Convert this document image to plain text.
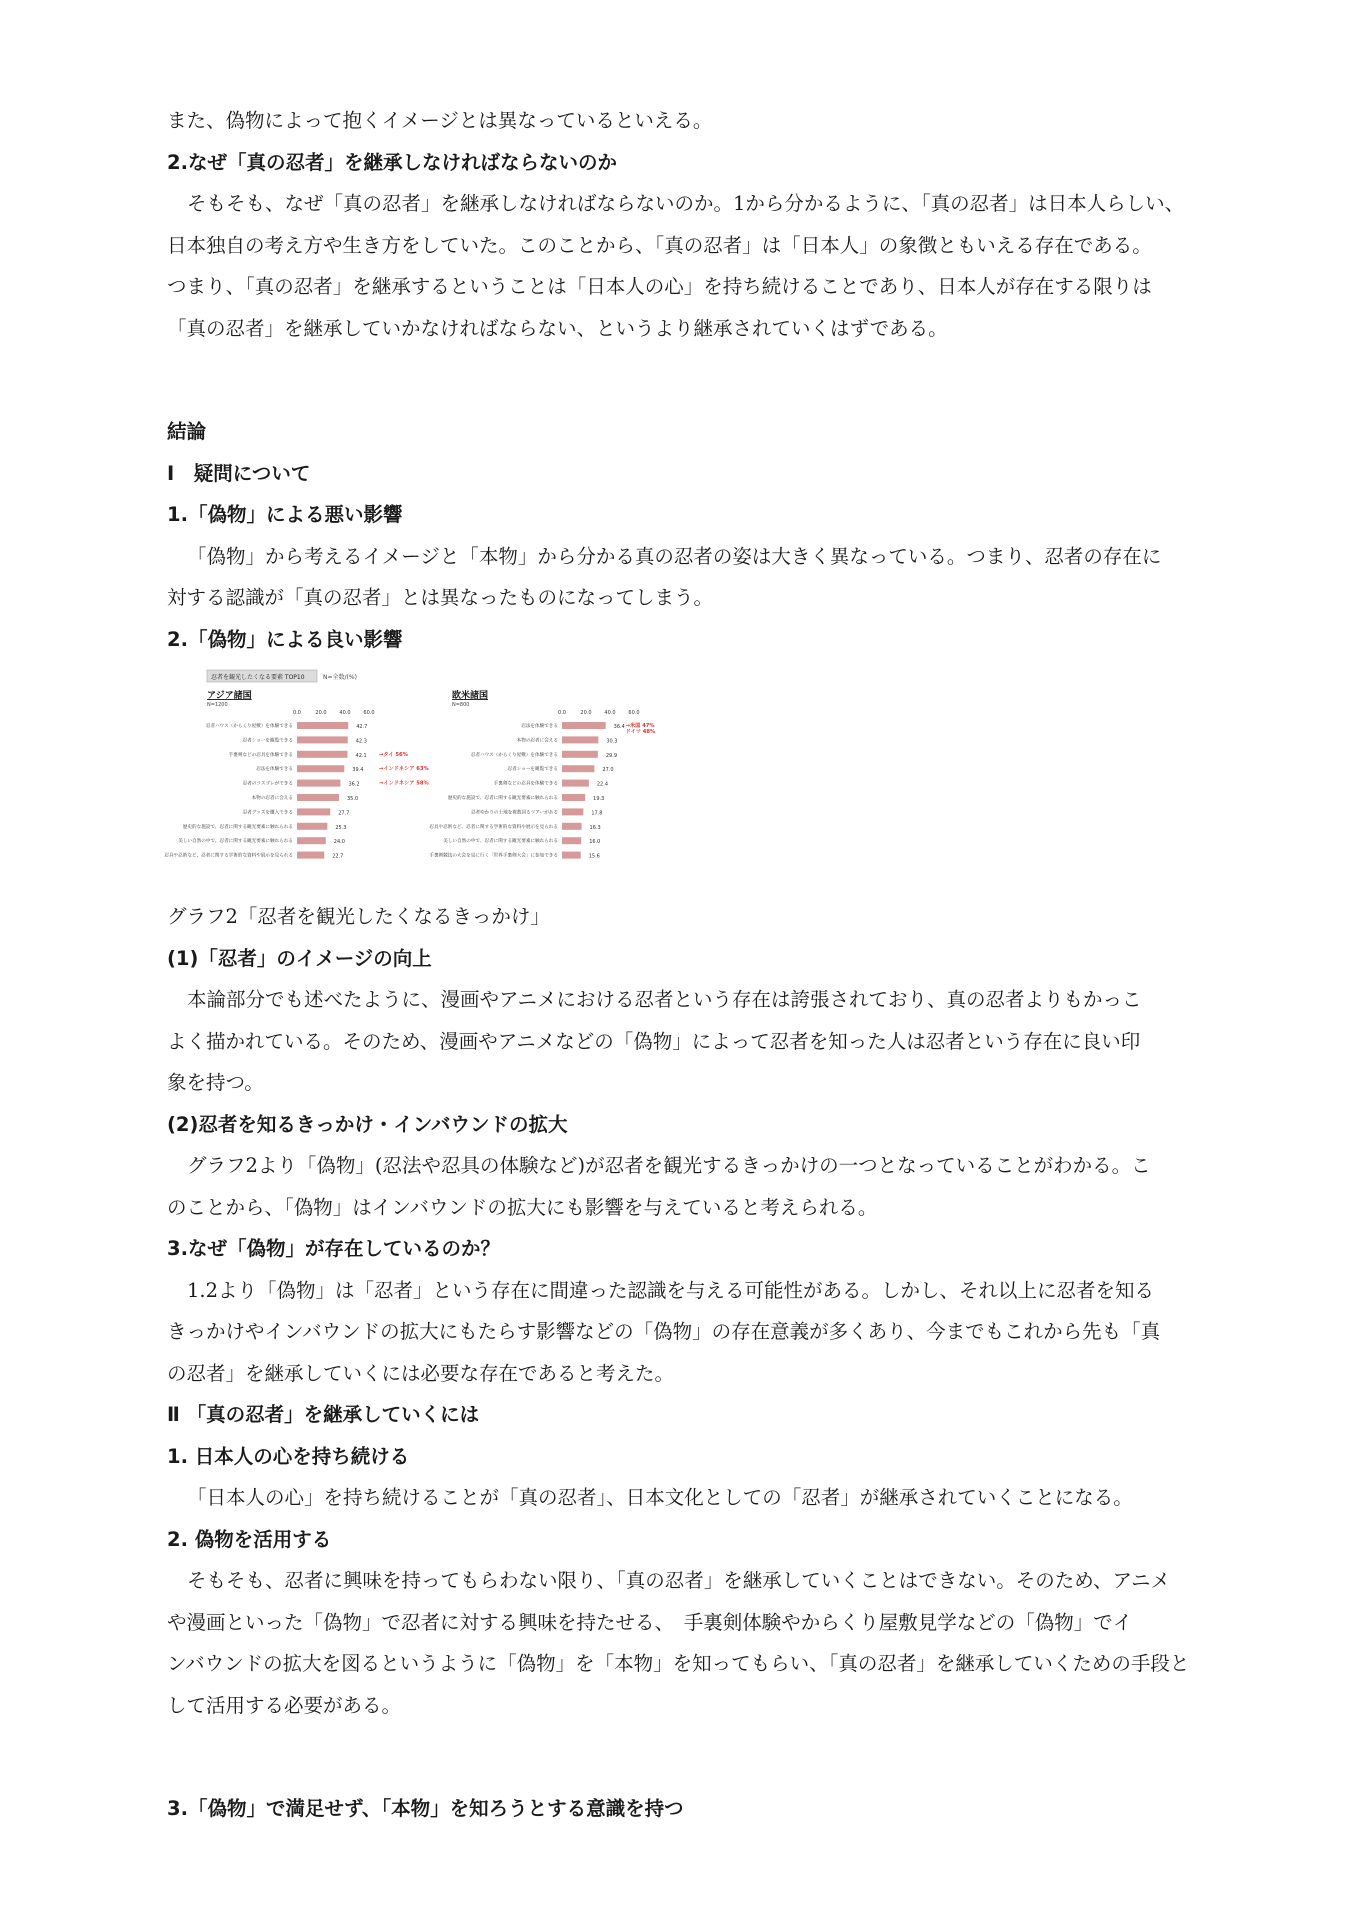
また、偽物によって抱くイメージとは異なっているといえる。

2.なぜ「真の忍者」を継承しなければならないのか

そもそも、なぜ「真の忍者」を継承しなければならないのか。1から分かるように、「真の忍者」は日本人らしい、

日本独自の考え方や生き方をしていた。このことから、「真の忍者」は「日本人」の象徴ともいえる存在である。

つまり、「真の忍者」を継承するということは「日本人の心」を持ち続けることであり、日本人が存在する限りは

「真の忍者」を継承していかなければならない、というより継承されていくはずである。

結論

Ⅰ　疑問について

1.「偽物」による悪い影響

「偽物」から考えるイメージと「本物」から分かる真の忍者の姿は大きく異なっている。つまり、忍者の存在に

対する認識が「真の忍者」とは異なったものになってしまう。

2.「偽物」による良い影響

忍者を観光したくなる要素 TOP10	N=全数/(%)
アジア諸国
N=1200
0.0	20.0	40.0	60.0
忍者ハウス（からくり屋敷）を体験できる	42.7
忍者ショーを観覧できる	42.3
手裏剣などの忍具を体験できる	42.1
忍法を体験できる	39.4
忍者のコスプレができる	36.2
本物の忍者に会える	35.0
忍者グッズを購入できる	27.7
歴史的な施設で、忍者に関する観光要素に触れられる	25.3
美しい自然の中で、忍者に関する観光要素に触れられる	24.0
忍具や忍術など、忍者に関する学術的な資料や展示を見られる	22.7
→タイ 56%
→インドネシア 63%
→インドネシア 58%
欧米諸国
N=800
0.0	20.0	40.0	60.0
忍法を体験できる	36.4
本物の忍者に会える	30.3
忍者ハウス（からくり屋敷）を体験できる	29.9
忍者ショーを観覧できる	27.0
手裏剣などの忍具を体験できる	22.4
歴史的な施設で、忍者に関する観光要素に触れられる	19.3
忍者ゆかりの土地を複数回るツアーがある	17.8
忍具や忍術など、忍者に関する学術的な資料や展示を見られる	16.3
美しい自然の中で、忍者に関する観光要素に触れられる	16.0
手裏剣競技の大会を見に行く「世界手裏剣大会」に参加できる	15.6
→米国 47%
ドイツ 48%

グラフ2「忍者を観光したくなるきっかけ」

(1)「忍者」のイメージの向上

本論部分でも述べたように、漫画やアニメにおける忍者という存在は誇張されており、真の忍者よりもかっこ

よく描かれている。そのため、漫画やアニメなどの「偽物」によって忍者を知った人は忍者という存在に良い印

象を持つ。

(2)忍者を知るきっかけ・インバウンドの拡大

グラフ2より「偽物」(忍法や忍具の体験など)が忍者を観光するきっかけの一つとなっていることがわかる。こ

のことから、「偽物」はインバウンドの拡大にも影響を与えていると考えられる。

3.なぜ「偽物」が存在しているのか？

1.2より「偽物」は「忍者」という存在に間違った認識を与える可能性がある。しかし、それ以上に忍者を知る

きっかけやインバウンドの拡大にもたらす影響などの「偽物」の存在意義が多くあり、今までもこれから先も「真

の忍者」を継承していくには必要な存在であると考えた。

Ⅱ 「真の忍者」を継承していくには

1. 日本人の心を持ち続ける

「日本人の心」を持ち続けることが「真の忍者」、日本文化としての「忍者」が継承されていくことになる。

2. 偽物を活用する

そもそも、忍者に興味を持ってもらわない限り、「真の忍者」を継承していくことはできない。そのため、アニメ

や漫画といった「偽物」で忍者に対する興味を持たせる、　手裏剣体験やからくり屋敷見学などの「偽物」でイ

ンバウンドの拡大を図るというように「偽物」を「本物」を知ってもらい、「真の忍者」を継承していくための手段と

して活用する必要がある。

3.「偽物」で満足せず、「本物」を知ろうとする意識を持つ
